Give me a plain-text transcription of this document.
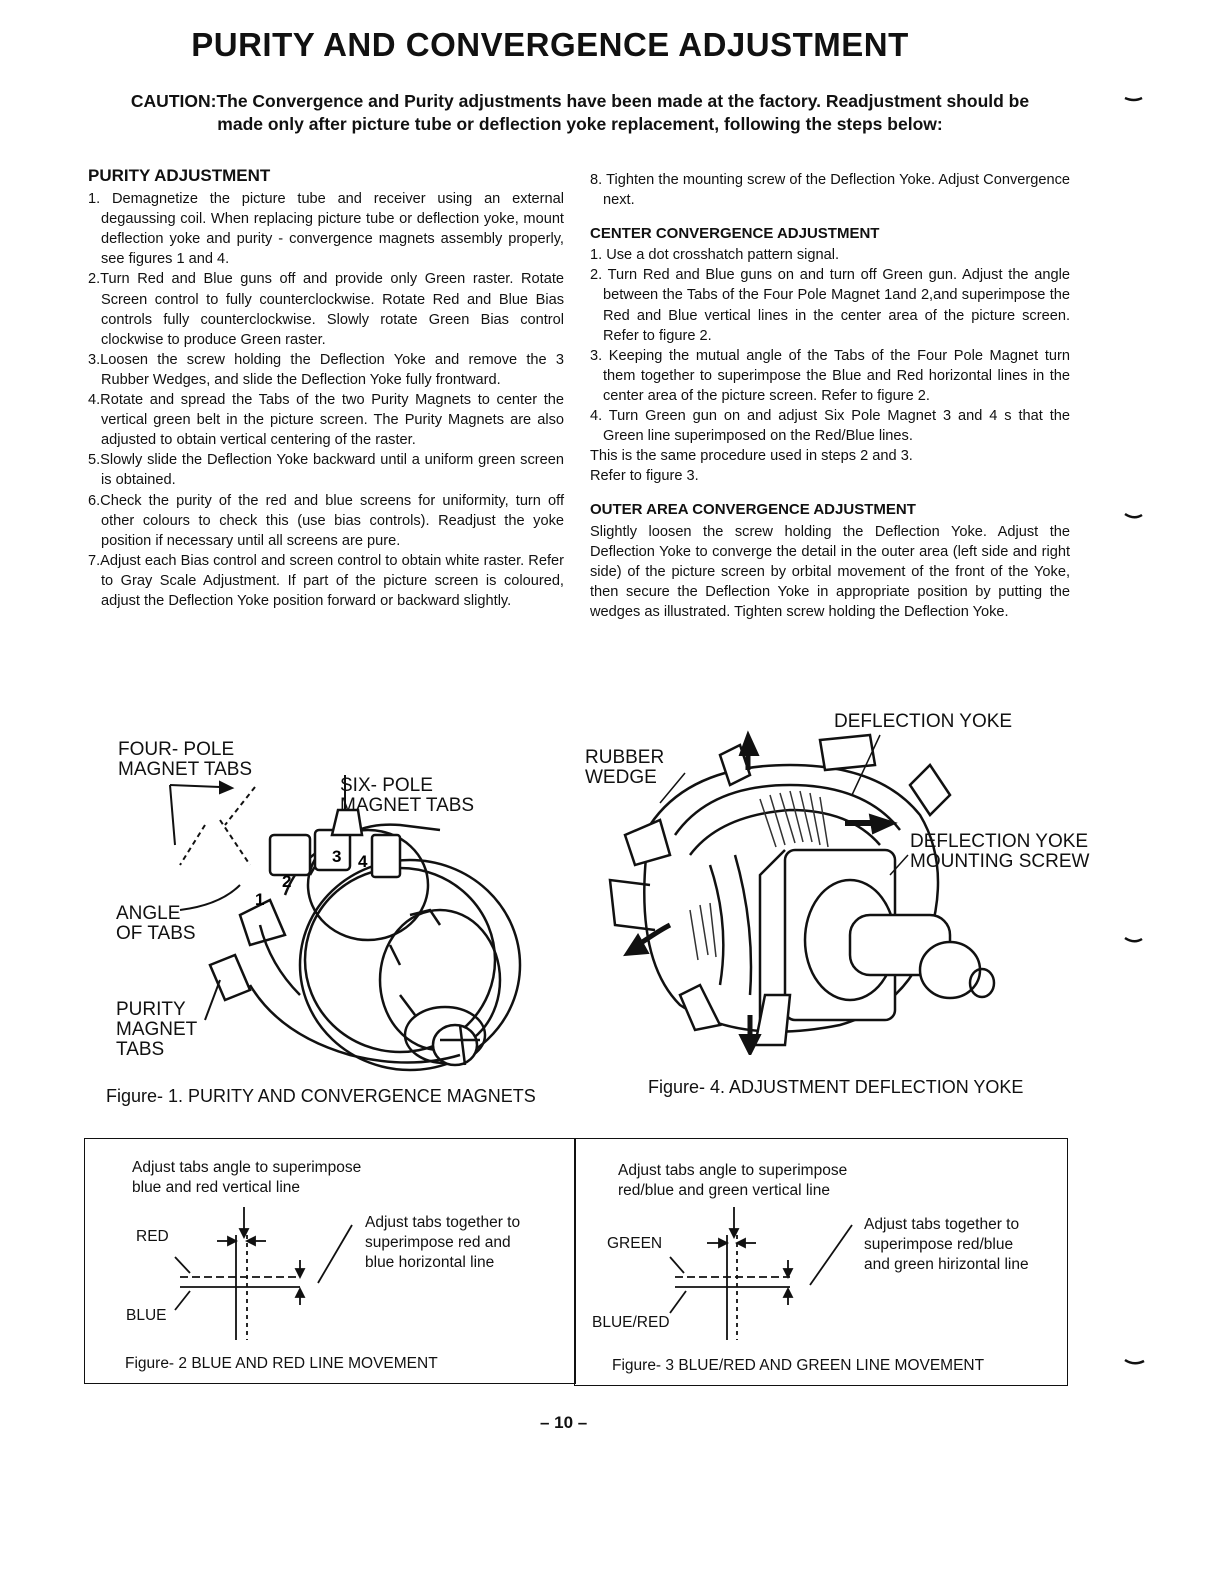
PURITY AND CONVERGENCE ADJUSTMENT
CAUTION:The Convergence and Purity adjustments have been made at the factory. Readjustment should be
made only after picture tube or deflection yoke replacement, following the steps below:
PURITY ADJUSTMENT
1. Demagnetize the picture tube and receiver using an external degaussing coil. When replacing picture tube or deflection yoke, mount deflection yoke and purity - convergence magnets assembly properly, see figures 1 and 4.
2.Turn Red and Blue guns off and provide only Green raster. Rotate Screen control to fully counterclockwise. Rotate Red and Blue Bias controls fully counterclockwise. Slowly rotate Green Bias control clockwise to produce Green raster.
3.Loosen the screw holding the Deflection Yoke and remove the 3 Rubber Wedges, and slide the Deflection Yoke fully frontward.
4.Rotate and spread the Tabs of the two Purity Magnets to center the vertical green belt in the picture screen. The Purity Magnets are also adjusted to obtain vertical centering of the raster.
5.Slowly slide the Deflection Yoke backward until a uniform green screen is obtained.
6.Check the purity of the red and blue screens for uniformity, turn off other colours to check this (use bias controls). Readjust the yoke position if necessary until all screens are pure.
7.Adjust each Bias control and screen control to obtain white raster. Refer to Gray Scale Adjustment. If part of the picture screen is coloured, adjust the Deflection Yoke position forward or backward slightly.
8. Tighten the mounting screw of the Deflection Yoke. Adjust Convergence next.
CENTER CONVERGENCE ADJUSTMENT
1. Use a dot crosshatch pattern signal.
2. Turn Red and Blue guns on and turn off Green gun. Adjust the angle between the Tabs of the Four Pole Magnet 1and 2,and superimpose the Red and Blue vertical lines in the center area of the picture screen. Refer to figure 2.
3. Keeping the mutual angle of the Tabs of the Four Pole Magnet turn them together to superimpose the Blue and Red horizontal lines in the center area of the picture screen. Refer to figure 2.
4. Turn Green gun on and adjust Six Pole Magnet 3 and 4 s that the Green line superimposed on the Red/Blue lines.

This is the same procedure used in steps 2 and 3.

Refer to figure 3.

OUTER AREA CONVERGENCE ADJUSTMENT

Slightly loosen the screw holding the Deflection Yoke. Adjust the Deflection Yoke to converge the detail in the outer area (left side and right side) of the picture screen by orbital movement of the front of the Yoke, then secure the Deflection Yoke in appropriate position by putting the wedges as illustrated. Tighten screw holding the Deflection Yoke.

1
2
3 4
FOUR- POLE
MAGNET TABS
SIX- POLE
MAGNET TABS
ANGLE
OF TABS
PURITY
MAGNET
TABS
Figure- 1. PURITY AND CONVERGENCE MAGNETS
DEFLECTION YOKE
RUBBER
WEDGE
DEFLECTION YOKE
MOUNTING SCREW
Figure- 4. ADJUSTMENT DEFLECTION YOKE
Adjust tabs angle to superimpose
blue and red vertical line
Adjust tabs together to
superimpose red and
blue horizontal line
RED
BLUE
Figure- 2 BLUE AND RED LINE MOVEMENT
Adjust tabs angle to superimpose
red/blue and green vertical line
Adjust tabs together to
superimpose red/blue
and green hirizontal line
GREEN
BLUE/RED
Figure- 3 BLUE/RED AND GREEN LINE MOVEMENT
– 10 –
